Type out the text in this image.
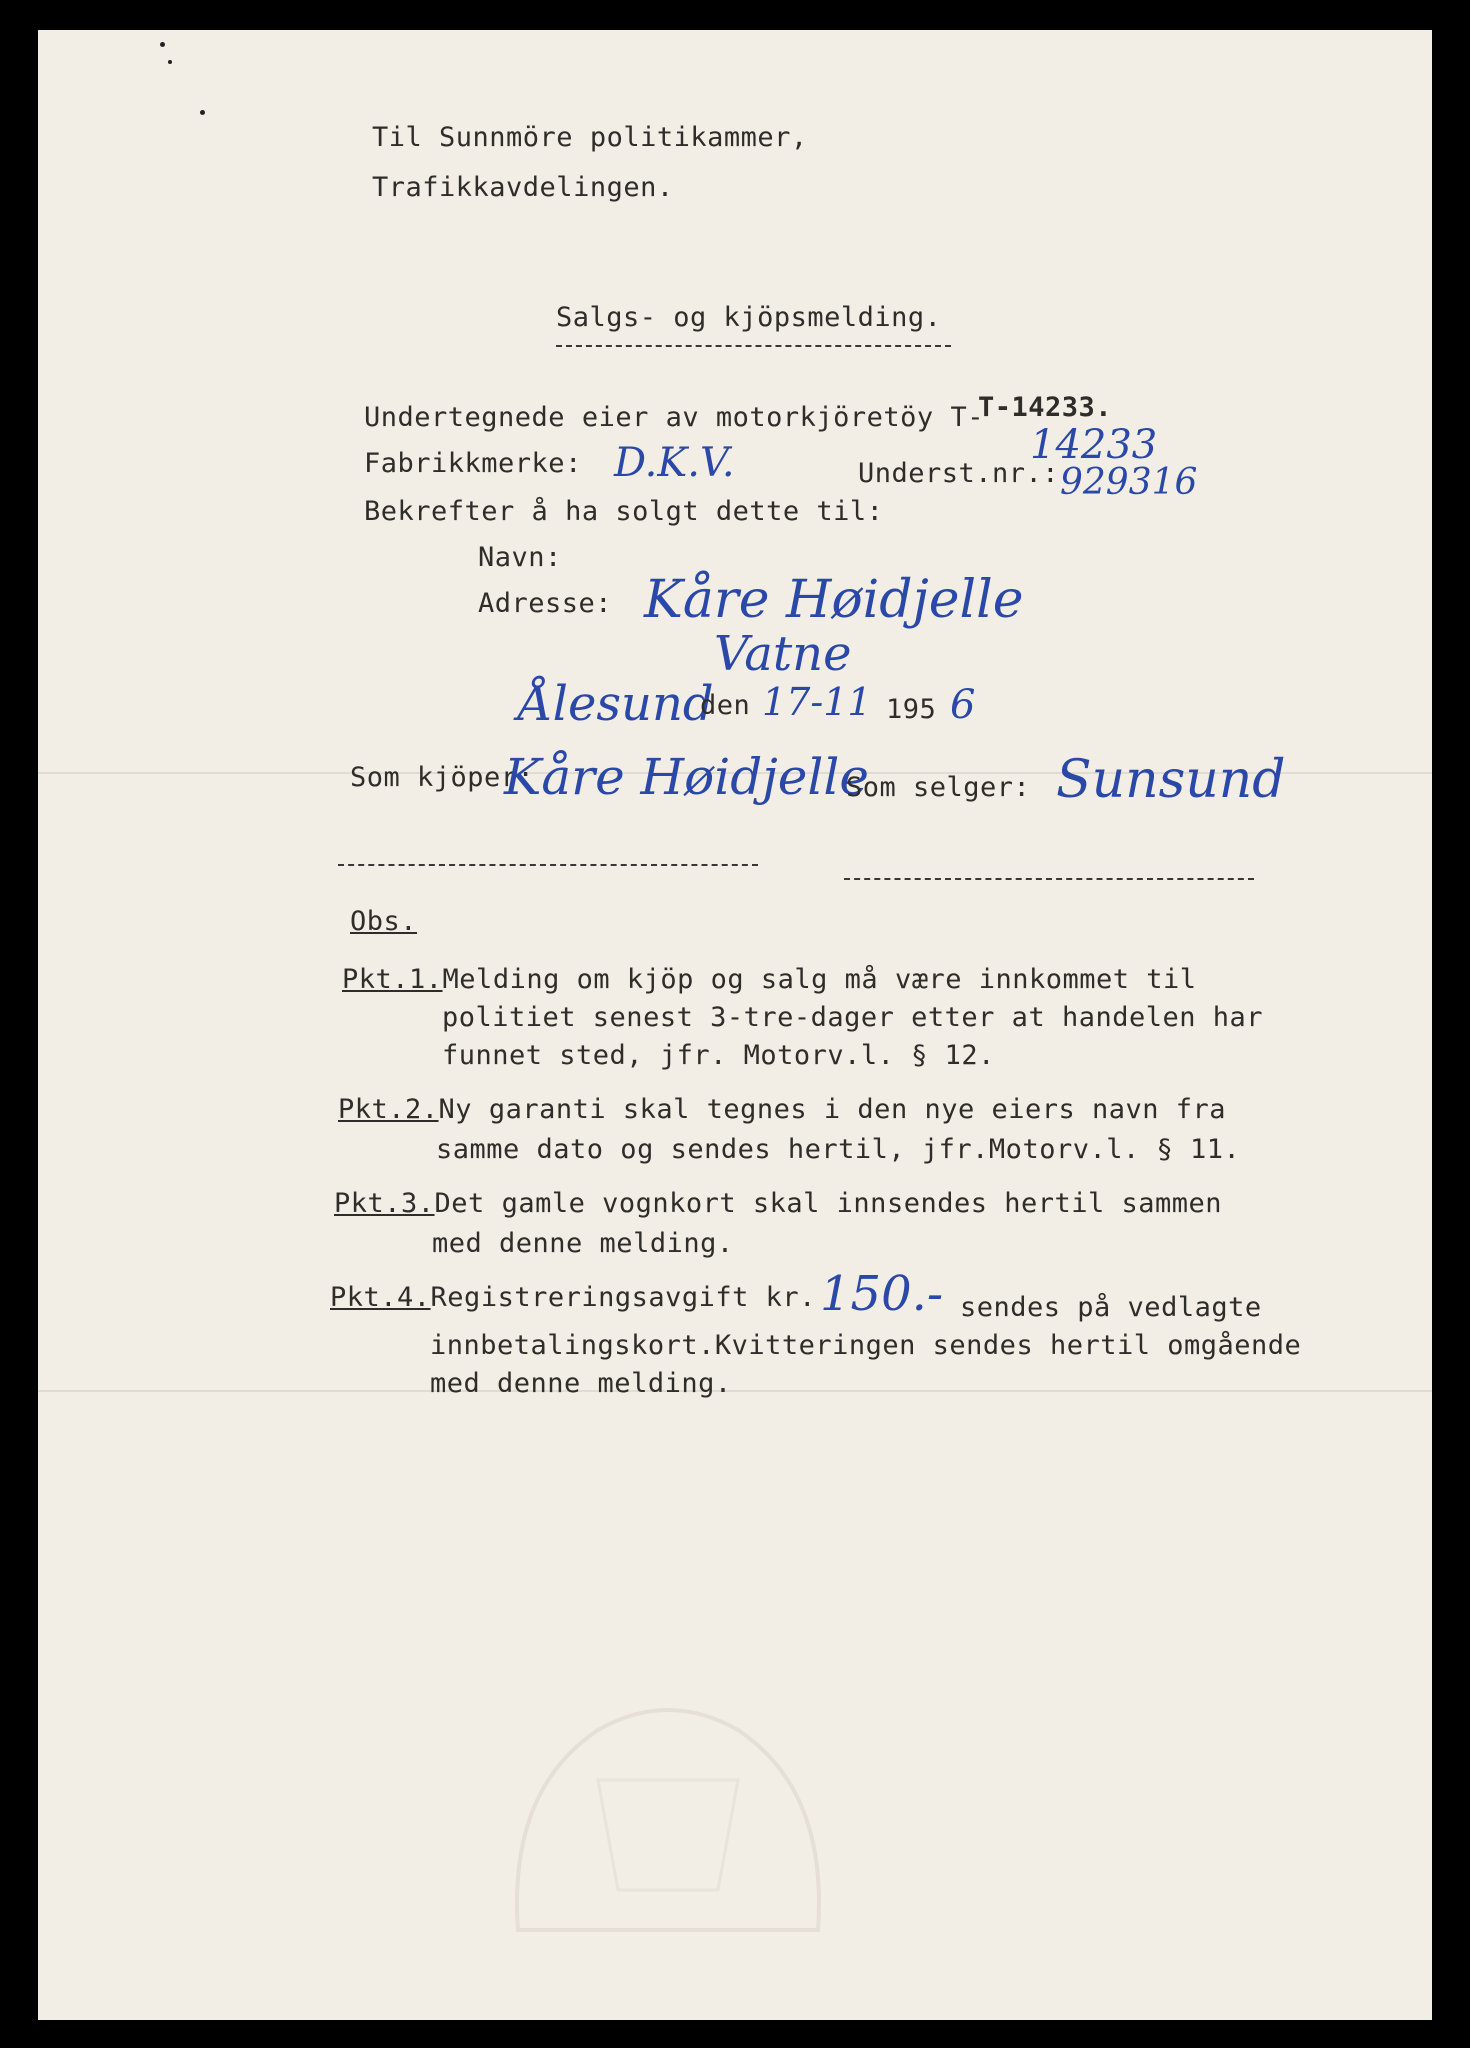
Til Sunnmöre politikammer,
Trafikkavdelingen.
Salgs- og kjöpsmelding.
T-14233.
Undertegnede eier av motorkjöretöy T-
14233
Fabrikkmerke: D.K.V.	Underst.nr.: 929316
Bekrefter å ha solgt dette til:
Navn:
Adresse: Kåre Høidjelle
Vatne
Ålesund
den 17-11 195 6
Som kjöper:
Kåre Høidjelle
Som selger: Sunsund
Obs.
Pkt.1.Melding om kjöp og salg må være innkommet til
politiet senest 3-tre-dager etter at handelen har
funnet sted, jfr. Motorv.l. § 12.
Pkt.2.Ny garanti skal tegnes i den nye eiers navn fra
samme dato og sendes hertil, jfr.Motorv.l. § 11.
Pkt.3.Det gamle vognkort skal innsendes hertil sammen
med denne melding.
Pkt.4.Registreringsavgift kr. 150.- sendes på vedlagte
innbetalingskort.Kvitteringen sendes hertil omgående
med denne melding.
